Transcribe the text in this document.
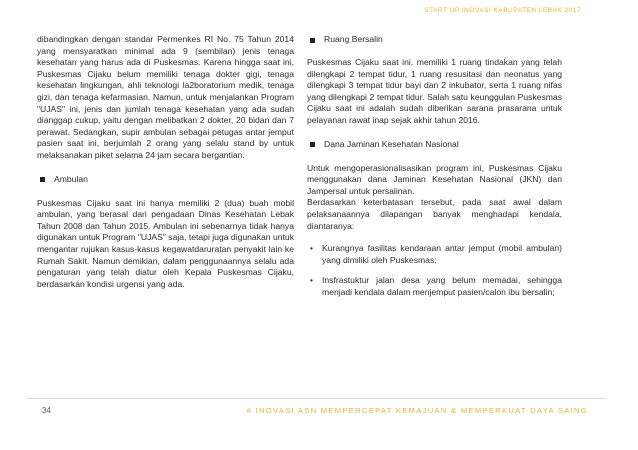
START UP INOVASI KABUPATEN LEBAK 2017

dibandingkan dengan standar Permenkes RI No. 75 Tahun 2014 yang mensyaratkan minimal ada 9 (sembilan) jenis tenaga kesehatan yang harus ada di Puskesmas. Karena hingga saat ini, Puskesmas Cijaku belum memiliki tenaga dokter gigi, tenaga kesehatan lingkungan, ahli teknologi la2boratorium medik, tenaga gizi, dan tenaga kefarmasian. Namun, untuk menjalankan Program "UJAS" ini, jenis dan jumlah tenaga kesehatan yang ada sudah dianggap cukup, yaitu dengan melibatkan 2 dokter, 20 bidan dan 7 perawat. Sedangkan, supir ambulan sebagai petugas antar jemput pasien saat ini, berjumlah 2 orang yang selalu stand by untuk melaksanakan piket selama 24 jam secara bergantian.

Ambulan

Puskesmas Cijaku saat ini hanya memiliki 2 (dua) buah mobil ambulan, yang berasal dari pengadaan Dinas Kesehatan Lebak Tahun 2008 dan Tahun 2015. Ambulan ini sebenarnya tidak hanya digunakan untuk Program "UJAS" saja, tetapi juga digunakan untuk mengantar rujukan kasus-kasus kegawatdaruratan penyakit lain ke Rumah Sakit. Namun demikian, dalam penggunaannya selalu ada pengaturan yang telah diatur oleh Kepala Puskesmas Cijaku, berdasarkan kondisi urgensi yang ada.

Ruang Bersalin

Puskesmas Cijaku saat ini, memiliki 1 ruang tindakan yang telah dilengkapi 2 tempat tidur, 1 ruang resusitasi dan neonatus yang dilengkapi 3 tempat tidur bayi dan 2 inkubator, serta 1 ruang nifas yang dilengkapi 2 tempat tidur. Salah satu keunggulan Puskesmas Cijaku saat ini adalah sudah diberikan sarana prasarana untuk pelayanan rawat inap sejak akhir tahun 2016.

Dana Jaminan Kesehatan Nasional

Untuk mengoperasionalisasikan program ini, Puskesmas Cijaku menggunakan dana Jaminan Kesehatan Nasional (JKN) dan Jampersal untuk persalinan.

Berdasarkan keterbatasan tersebut, pada saat awal dalam pelaksanaannya dilapangan banyak menghadapi kendala, diantaranya:

• Kurangnya fasilitas kendaraan antar jemput (mobil ambulan) yang dimiliki oleh Puskesmas;
• Insfrastuktur jalan desa yang belum memadai, sehingga menjadi kendala dalam menjemput pasien/calon ibu bersalin;
34	# INOVASI ASN MEMPERCEPAT KEMAJUAN & MEMPERKUAT DAYA SAING
